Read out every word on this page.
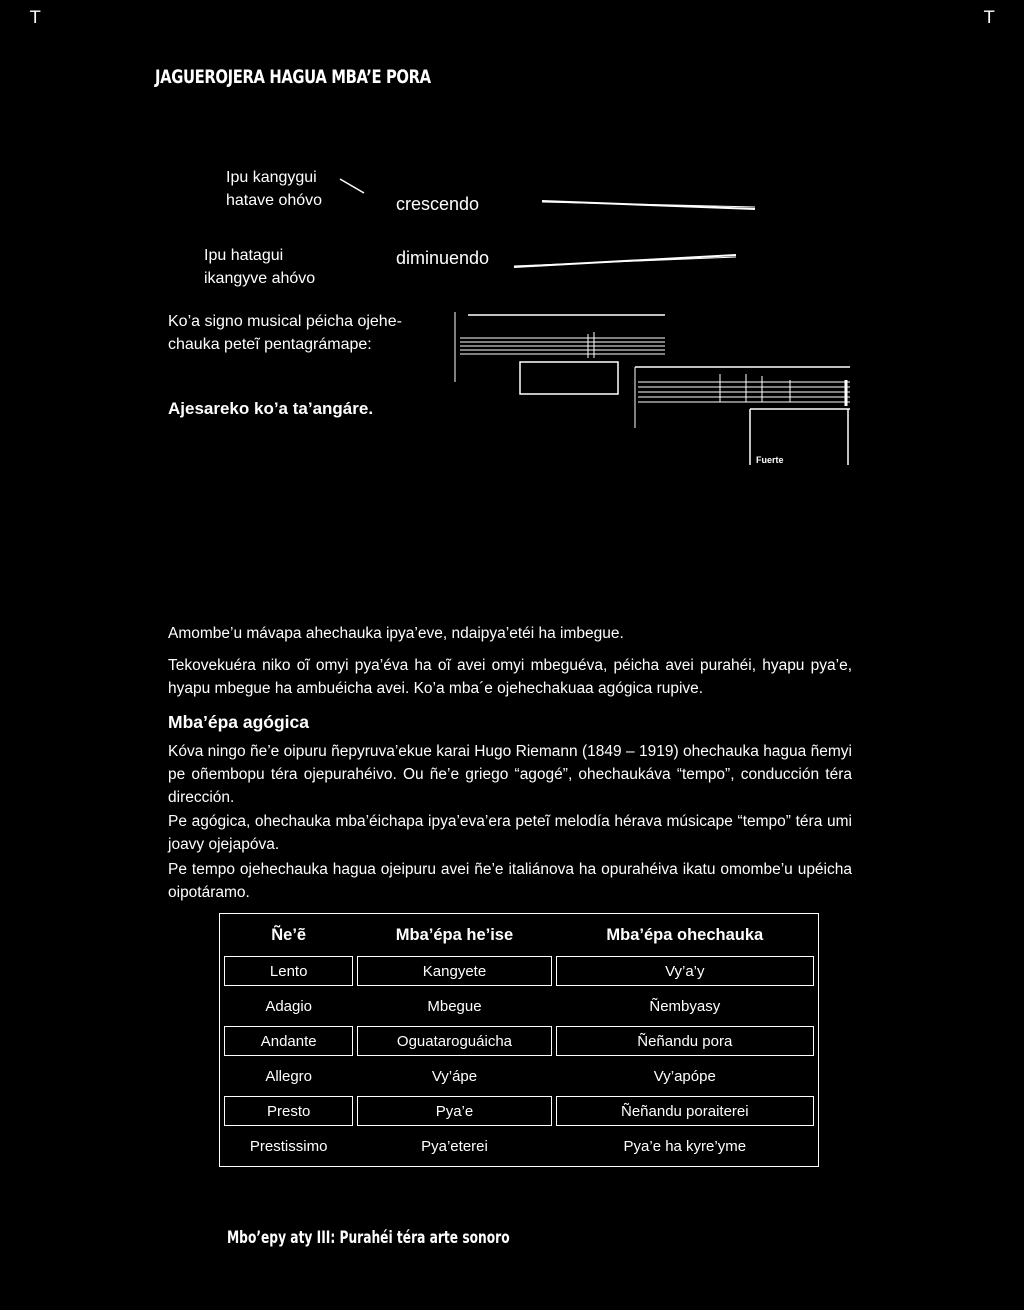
T	T
JAGUEROJERA HAGUA MBA’E PORA
Ipu kangygui
hatave ohóvo	crescendo
Ipu hatagui
ikangyve ahóvo
diminuendo
Ko’a signo musical péicha ojehe-
chauka peteĩ pentagrámape:
Ajesareko ko’a ta’angáre.
Fuerte
Amombe’u mávapa ahechauka ipya’eve, ndaipya’etéi ha imbegue.
Tekovekuéra niko oĩ omyi pya’éva ha oĩ avei omyi mbeguéva, péicha avei purahéi, hyapu pya’e, hyapu mbegue ha ambuéicha avei. Ko’a mba´e ojehechakuaa agógica rupive.
Mba’épa agógica
Kóva ningo ñe’e oipuru ñepyruva’ekue karai Hugo Riemann (1849 – 1919) ohechauka hagua ñemyi pe oñembopu téra ojepurahéivo. Ou ñe’e griego “agogé”, ohechaukáva “tempo”, conducción téra dirección.
Pe agógica, ohechauka mba’éichapa ipya’eva’era peteĩ melodía hérava músicape “tempo” téra umi joavy ojejapóva.
Pe tempo ojehechauka hagua ojeipuru avei ñe’e italiánova ha opurahéiva ikatu omombe’u upéicha oipotáramo.
Ñe’ẽ	Mba’épa he’ise	Mba’épa ohechauka
Lento	Kangyete	Vy’a’y
Adagio	Mbegue	Ñembyasy
Andante	Oguataroguáicha	Ñeñandu pora
Allegro	Vy’ápe	Vy’apópe
Presto	Pya’e	Ñeñandu poraiterei
Prestissimo	Pya’eterei	Pya’e ha kyre’yme
Mbo’epy aty III: Purahéi téra arte sonoro
